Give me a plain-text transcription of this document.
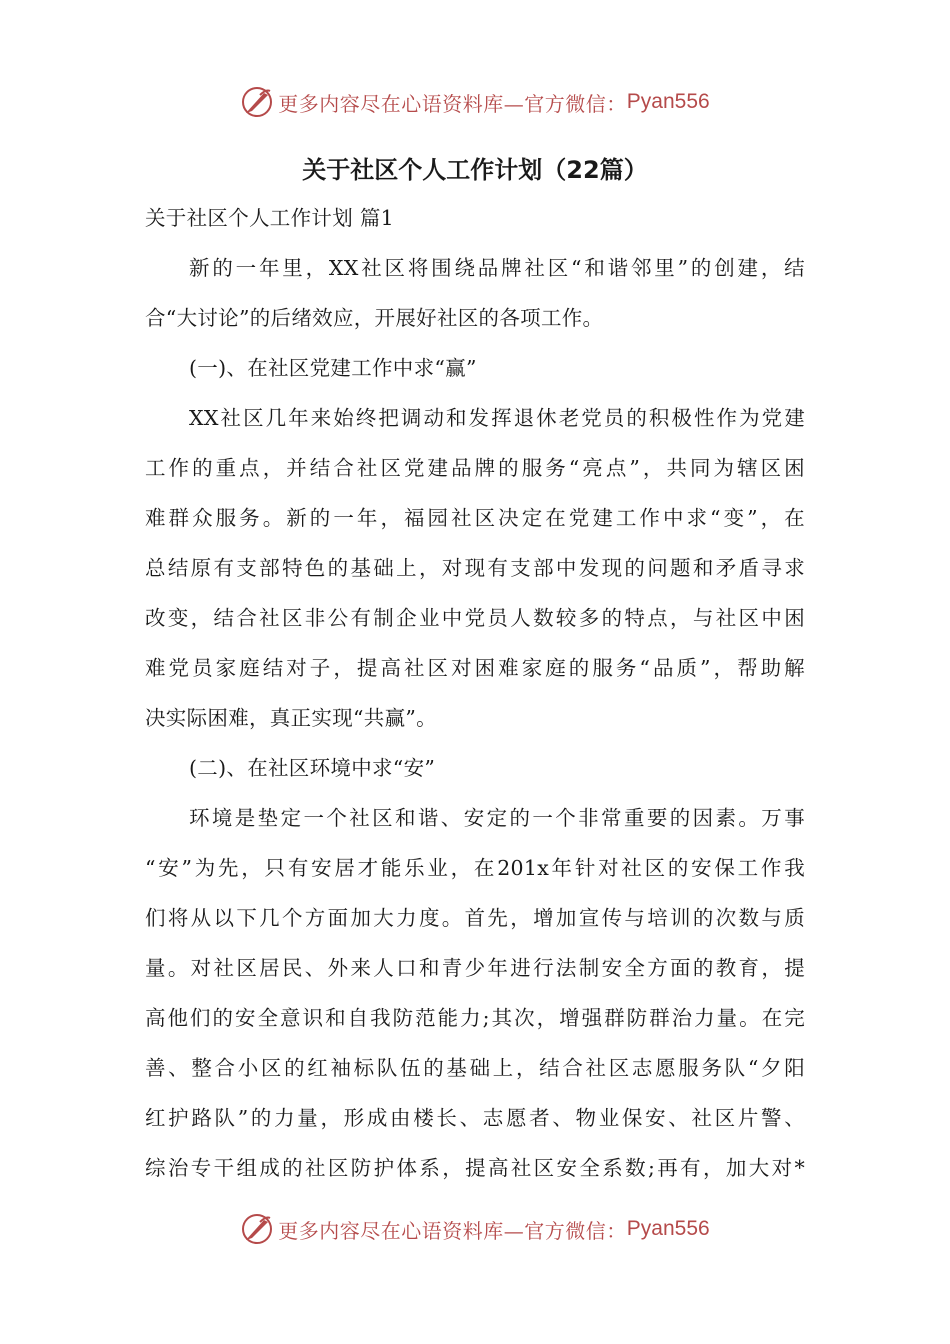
更多内容尽在心语资料库—官方微信： Pyan556
关于社区个人工作计划（22篇）
关于社区个人工作计划 篇1
新的一年里，XX社区将围绕品牌社区“和谐邻里”的创建，结
合“大讨论”的后绪效应，开展好社区的各项工作。
(一)、在社区党建工作中求“赢”
XX社区几年来始终把调动和发挥退休老党员的积极性作为党建
工作的重点，并结合社区党建品牌的服务“亮点”，共同为辖区困
难群众服务。新的一年，福园社区决定在党建工作中求“变”，在
总结原有支部特色的基础上，对现有支部中发现的问题和矛盾寻求
改变，结合社区非公有制企业中党员人数较多的特点，与社区中困
难党员家庭结对子，提高社区对困难家庭的服务“品质”，帮助解
决实际困难，真正实现“共赢”。
(二)、在社区环境中求“安”
环境是垫定一个社区和谐、安定的一个非常重要的因素。万事
“安”为先，只有安居才能乐业，在201x年针对社区的安保工作我
们将从以下几个方面加大力度。首先，增加宣传与培训的次数与质
量。对社区居民、外来人口和青少年进行法制安全方面的教育，提
高他们的安全意识和自我防范能力;其次，增强群防群治力量。在完
善、整合小区的红袖标队伍的基础上，结合社区志愿服务队“夕阳
红护路队”的力量，形成由楼长、志愿者、物业保安、社区片警、
综治专干组成的社区防护体系，提高社区安全系数;再有，加大对*
更多内容尽在心语资料库—官方微信： Pyan556
